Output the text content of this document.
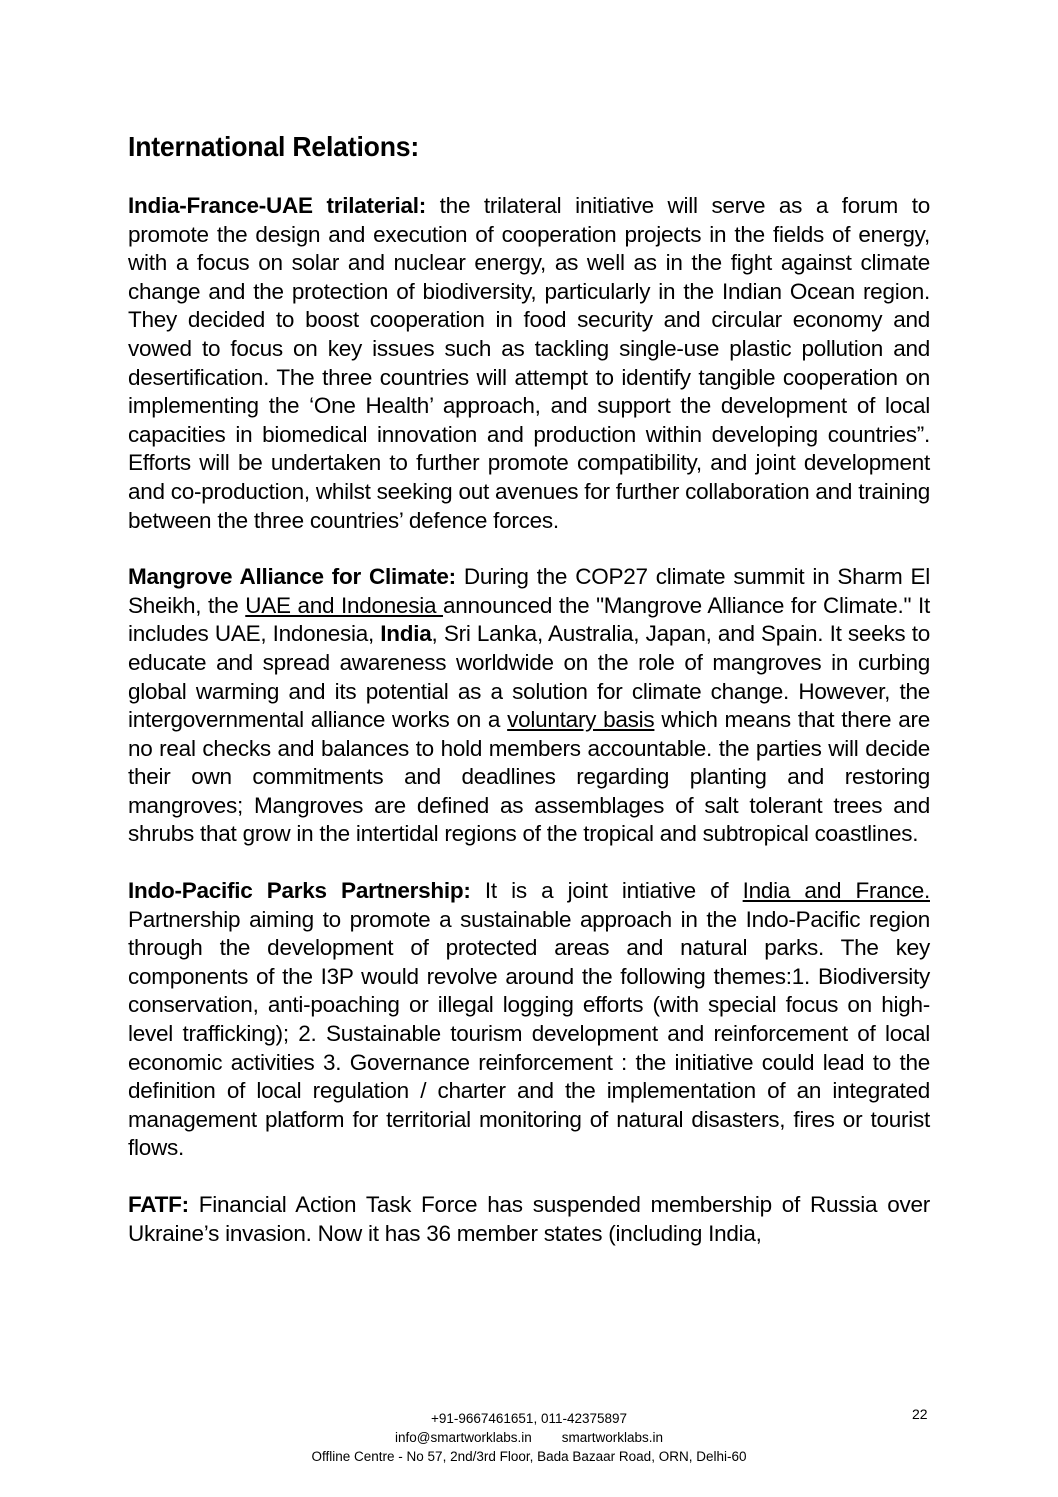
International Relations:

India-France-UAE trilaterial: the trilateral initiative will serve as a forum to promote the design and execution of cooperation projects in the fields of energy, with a focus on solar and nuclear energy, as well as in the fight against climate change and the protection of biodiversity, particularly in the Indian Ocean region. They decided to boost cooperation in food security and circular economy and vowed to focus on key issues such as tackling single-use plastic pollution and desertification. The three countries will attempt to identify tangible cooperation on implementing the ‘One Health’ approach, and support the development of local capacities in biomedical innovation and production within developing countries”. Efforts will be undertaken to further promote compatibility, and joint development and co-production, whilst seeking out avenues for further collaboration and training between the three countries’ defence forces.

Mangrove Alliance for Climate: During the COP27 climate summit in Sharm El Sheikh, the UAE and Indonesia announced the "Mangrove Alliance for Climate." It includes UAE, Indonesia, India, Sri Lanka, Australia, Japan, and Spain. It seeks to educate and spread awareness worldwide on the role of mangroves in curbing global warming and its potential as a solution for climate change. However, the intergovernmental alliance works on a voluntary basis which means that there are no real checks and balances to hold members accountable. the parties will decide their own commitments and deadlines regarding planting and restoring mangroves; Mangroves are defined as assemblages of salt tolerant trees and shrubs that grow in the intertidal regions of the tropical and subtropical coastlines.

Indo-Pacific Parks Partnership: It is a joint intiative of India and France. Partnership aiming to promote a sustainable approach in the Indo-Pacific region through the development of protected areas and natural parks. The key components of the I3P would revolve around the following themes:1. Biodiversity conservation, anti-poaching or illegal logging efforts (with special focus on high-level trafficking); 2. Sustainable tourism development and reinforcement of local economic activities 3. Governance reinforcement : the initiative could lead to the definition of local regulation / charter and the implementation of an integrated management platform for territorial monitoring of natural disasters, fires or tourist flows.

FATF: Financial Action Task Force has suspended membership of Russia over Ukraine’s invasion. Now it has 36 member states (including India,

+91-9667461651, 011-42375897
info@smartworklabs.in smartworklabs.in
Offline Centre - No 57, 2nd/3rd Floor, Bada Bazaar Road, ORN, Delhi-60
22
